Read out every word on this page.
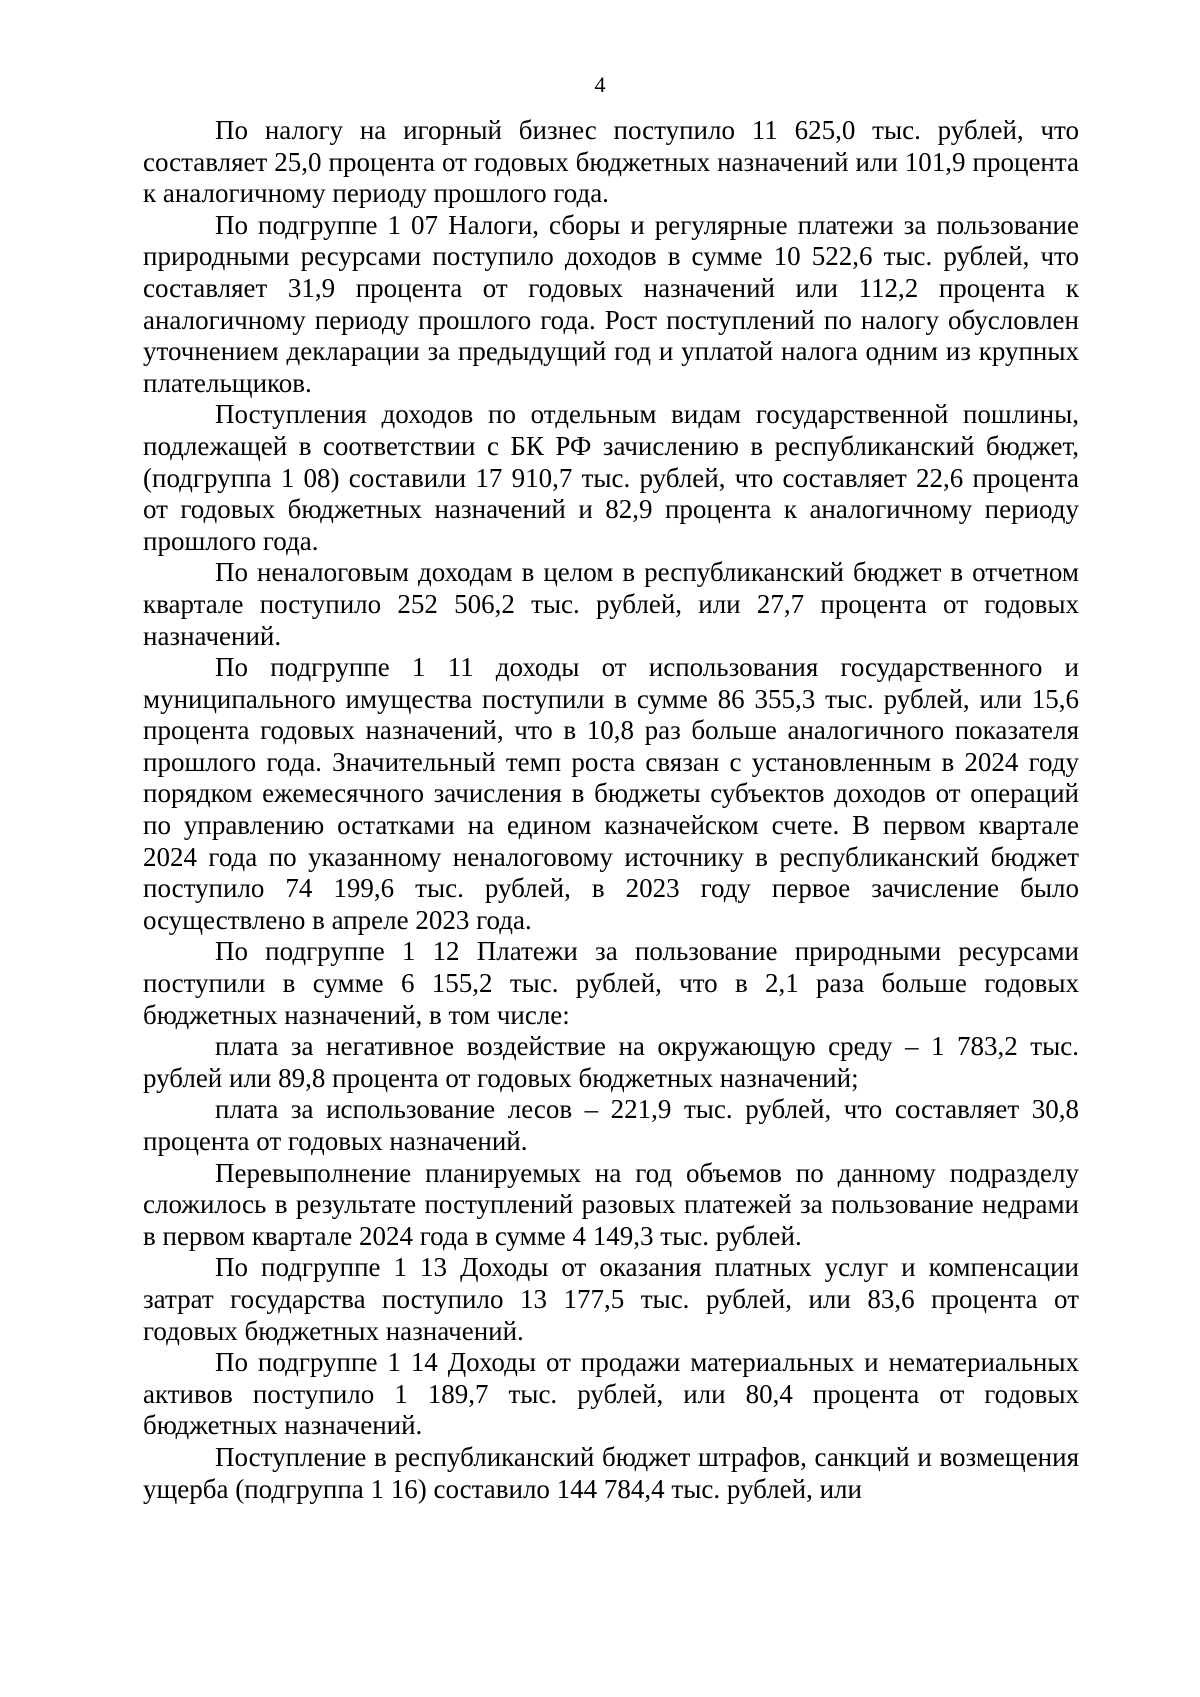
4

По налогу на игорный бизнес поступило 11 625,0 тыс. рублей, что составляет 25,0 процента от годовых бюджетных назначений или 101,9 процента к аналогичному периоду прошлого года.

По подгруппе 1 07 Налоги, сборы и регулярные платежи за пользование природными ресурсами поступило доходов в сумме 10 522,6 тыс. рублей, что составляет 31,9 процента от годовых назначений или 112,2 процента к аналогичному периоду прошлого года. Рост поступлений по налогу обусловлен уточнением декларации за предыдущий год и уплатой налога одним из крупных плательщиков.

Поступления доходов по отдельным видам государственной пошлины, подлежащей в соответствии с БК РФ зачислению в республиканский бюджет, (подгруппа 1 08) составили 17 910,7 тыс. рублей, что составляет 22,6 процента от годовых бюджетных назначений и 82,9 процента к аналогичному периоду прошлого года.

По неналоговым доходам в целом в республиканский бюджет в отчетном квартале поступило 252 506,2 тыс. рублей, или 27,7 процента от годовых назначений.

По подгруппе 1 11 доходы от использования государственного и муниципального имущества поступили в сумме 86 355,3 тыс. рублей, или 15,6 процента годовых назначений, что в 10,8 раз больше аналогичного показателя прошлого года. Значительный темп роста связан с установленным в 2024 году порядком ежемесячного зачисления в бюджеты субъектов доходов от операций по управлению остатками на едином казначейском счете. В первом квартале 2024 года по указанному неналоговому источнику в республиканский бюджет поступило 74 199,6 тыс. рублей, в 2023 году первое зачисление было осуществлено в апреле 2023 года.

По подгруппе 1 12 Платежи за пользование природными ресурсами поступили в сумме 6 155,2 тыс. рублей, что в 2,1 раза больше годовых бюджетных назначений, в том числе:

плата за негативное воздействие на окружающую среду – 1 783,2 тыс. рублей или 89,8 процента от годовых бюджетных назначений;

плата за использование лесов – 221,9 тыс. рублей, что составляет 30,8 процента от годовых назначений.

Перевыполнение планируемых на год объемов по данному подразделу сложилось в результате поступлений разовых платежей за пользование недрами в первом квартале 2024 года в сумме 4 149,3 тыс. рублей.

По подгруппе 1 13 Доходы от оказания платных услуг и компенсации затрат государства поступило 13 177,5 тыс. рублей, или 83,6 процента от годовых бюджетных назначений.

По подгруппе 1 14 Доходы от продажи материальных и нематериальных активов поступило 1 189,7 тыс. рублей, или 80,4 процента от годовых бюджетных назначений.

Поступление в республиканский бюджет штрафов, санкций и возмещения ущерба (подгруппа 1 16) составило 144 784,4 тыс. рублей, или
